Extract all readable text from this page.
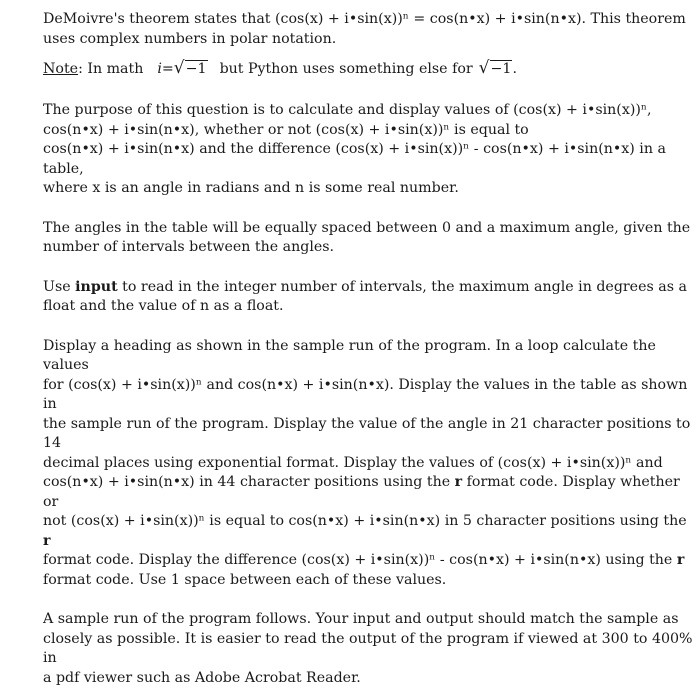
DeMoivre's theorem states that (cos(x) + i•sin(x))ⁿ = cos(n•x) + i•sin(n•x). This theorem
uses complex numbers in polar notation.

Note : In math i=√−1 but Python uses something else for √−1 .

The purpose of this question is to calculate and display values of (cos(x) + i•sin(x))ⁿ,
cos(n•x) + i•sin(n•x), whether or not (cos(x) + i•sin(x))ⁿ is equal to
cos(n•x) + i•sin(n•x) and the difference (cos(x) + i•sin(x))ⁿ - cos(n•x) + i•sin(n•x) in a table,
where x is an angle in radians and n is some real number.

The angles in the table will be equally spaced between 0 and a maximum angle, given the
number of intervals between the angles.

Use input to read in the integer number of intervals, the maximum angle in degrees as a
float and the value of n as a float.

Display a heading as shown in the sample run of the program. In a loop calculate the values
for (cos(x) + i•sin(x))ⁿ and cos(n•x) + i•sin(n•x). Display the values in the table as shown in
the sample run of the program. Display the value of the angle in 21 character positions to 14
decimal places using exponential format. Display the values of (cos(x) + i•sin(x))ⁿ and
cos(n•x) + i•sin(n•x) in 44 character positions using the r format code. Display whether or
not (cos(x) + i•sin(x))ⁿ is equal to cos(n•x) + i•sin(n•x) in 5 character positions using the r
format code. Display the difference (cos(x) + i•sin(x))ⁿ - cos(n•x) + i•sin(n•x) using the r
format code. Use 1 space between each of these values.

A sample run of the program follows. Your input and output should match the sample as
closely as possible. It is easier to read the output of the program if viewed at 300 to 400% in
a pdf viewer such as Adobe Acrobat Reader.
